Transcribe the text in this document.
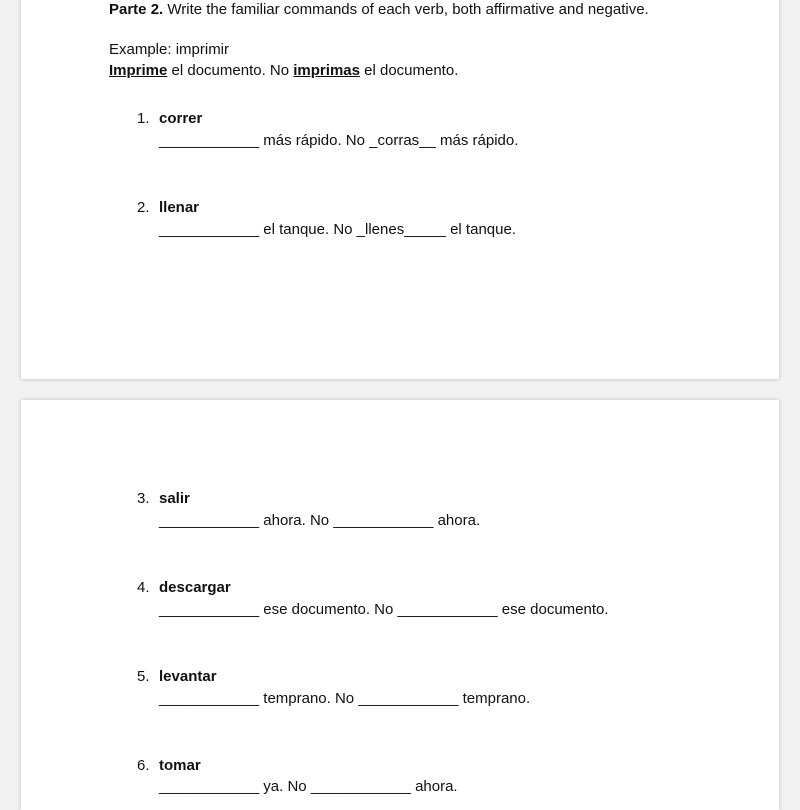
Parte 2. Write the familiar commands of each verb, both affirmative and negative.
Example: imprimir
Imprime el documento. No imprimas el documento.
1. correr
____________ más rápido. No _corras__ más rápido.
2. llenar
____________ el tanque. No _llenes_____ el tanque.
3. salir
____________ ahora. No ____________ ahora.
4. descargar
____________ ese documento. No ____________ ese documento.
5. levantar
____________ temprano. No ____________ temprano.
6. tomar
____________ ya. No ____________ ahora.
